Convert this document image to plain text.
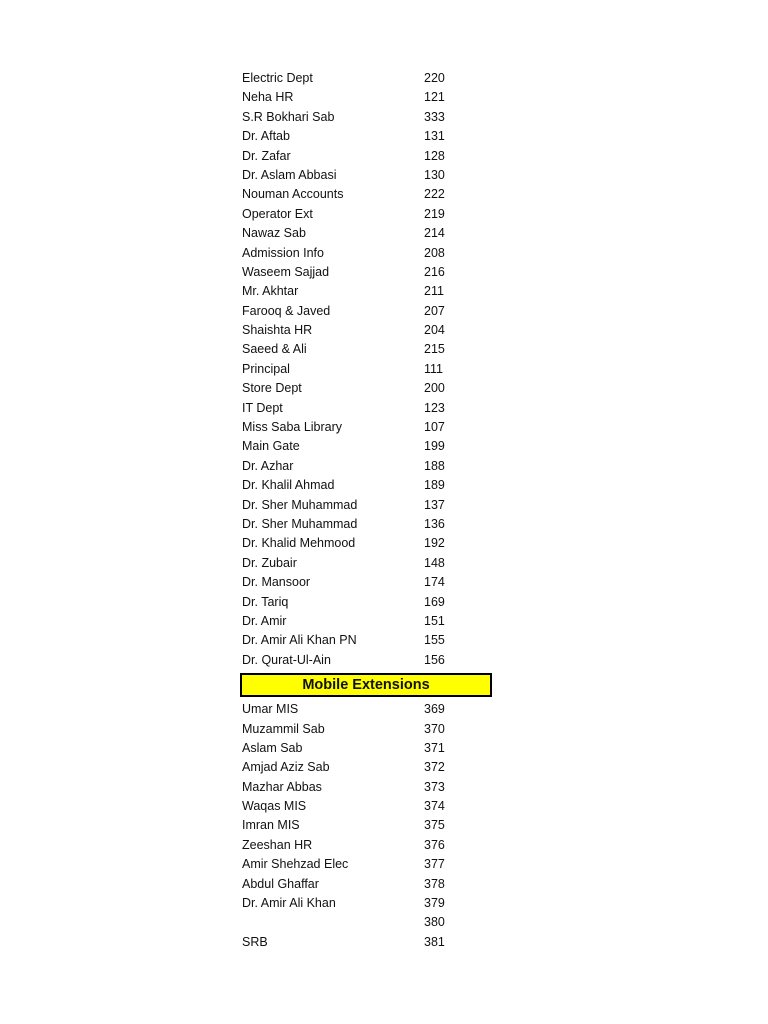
Electric Dept	220
Neha HR	121
S.R Bokhari Sab	333
Dr. Aftab	131
Dr. Zafar	128
Dr. Aslam Abbasi	130
Nouman Accounts	222
Operator Ext	219
Nawaz Sab	214
Admission Info	208
Waseem Sajjad	216
Mr. Akhtar	211
Farooq & Javed	207
Shaishta HR	204
Saeed & Ali	215
Principal	111
Store Dept	200
IT Dept	123
Miss Saba Library	107
Main Gate	199
Dr. Azhar	188
Dr. Khalil Ahmad	189
Dr. Sher Muhammad	137
Dr. Sher Muhammad	136
Dr. Khalid Mehmood	192
Dr. Zubair	148
Dr. Mansoor	174
Dr. Tariq	169
Dr. Amir	151
Dr. Amir Ali Khan PN	155
Dr. Qurat-Ul-Ain	156
Mobile Extensions
Umar MIS	369
Muzammil Sab	370
Aslam Sab	371
Amjad Aziz Sab	372
Mazhar Abbas	373
Waqas MIS	374
Imran MIS	375
Zeeshan HR	376
Amir Shehzad Elec	377
Abdul Ghaffar	378
Dr. Amir Ali Khan	379
380
SRB	381
